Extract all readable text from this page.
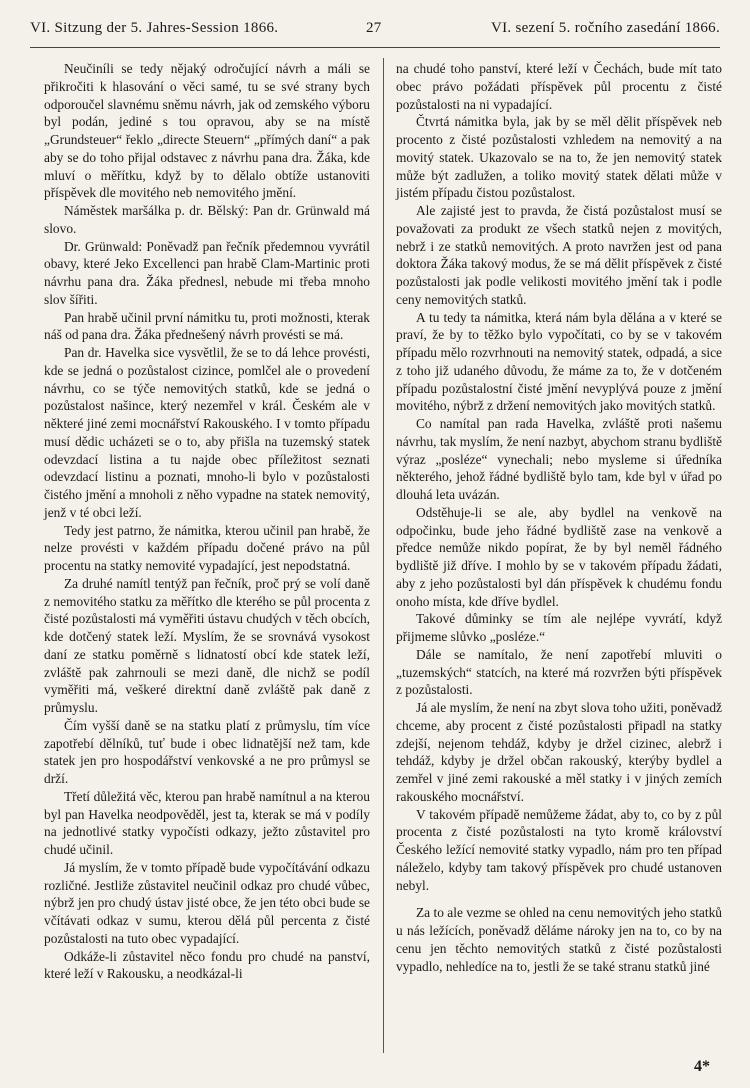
VI. Sitzung der 5. Jahres-Session 1866.	27	VI. sezení 5. ročního zasedání 1866.

Neučiníli se tedy nějaký odročující návrh a máli se přikročiti k hlasování o věci samé, tu se své strany bych odporoučel slavnému sněmu návrh, jak od zemského výboru byl podán, jediné s tou opravou, aby se na místě „Grundsteuer“ řeklo „directe Steuern“ „přímých daní“ a pak aby se do toho přijal odstavec z návrhu pana dra. Žáka, kde mluví o měřítku, když by to dělalo obtíže ustanoviti příspěvek dle movitého neb nemovitého jmění.

Náměstek maršálka p. dr. Bělský: Pan dr. Grünwald má slovo.

Dr. Grünwald: Poněvadž pan řečník předemnou vyvrátil obavy, které Jeko Excellenci pan hrabě Clam-Martinic proti návrhu pana dra. Žáka přednesl, nebude mi třeba mnoho slov šířiti.

Pan hrabě učinil první námitku tu, proti možnosti, kterak náš od pana dra. Žáka přednešený návrh provésti se má.

Pan dr. Havelka sice vysvětlil, že se to dá lehce provésti, kde se jedná o pozůstalost cizince, pomlčel ale o provedení návrhu, co se týče nemovitých statků, kde se jedná o pozůstalost našince, který nezemřel v král. Českém ale v některé jiné zemi mocnářství Rakouského. I v tomto případu musí dědic ucházeti se o to, aby přišla na tuzemský statek odevzdací listina a tu najde obec příležitost seznati odevzdací listinu a poznati, mnoho-li bylo v pozůstalosti čistého jmění a mnoholi z něho vypadne na statek nemovitý, jenž v té obci leží.

Tedy jest patrno, že námitka, kterou učinil pan hrabě, že nelze provésti v každém případu dočené právo na půl procentu na statky nemovité vypadající, jest nepodstatná.

Za druhé namítl tentýž pan řečník, proč prý se volí daně z nemovitého statku za měřítko dle kterého se půl procenta z čisté pozůstalosti má vyměřiti ústavu chudých v těch obcích, kde dotčený statek leží. Myslím, že se srovnává vysokost daní ze statku poměrně s lidnatostí obcí kde statek leží, zvláště pak zahrnouli se mezi daně, dle nichž se podíl vyměřiti má, veškeré direktní daně zvláště pak daně z průmyslu.

Čím vyšší daně se na statku platí z průmyslu, tím více zapotřebí dělníků, tuť bude i obec lidnatější než tam, kde statek jen pro hospodářství venkovské a ne pro průmysl se drží.

Třetí důležitá věc, kterou pan hrabě namítnul a na kterou byl pan Havelka neodpověděl, jest ta, kterak se má v podíly na jednotlivé statky vypočísti odkazy, ježto zůstavitel pro chudé učinil.

Já myslím, že v tomto případě bude vypočítávání odkazu rozličné. Jestliže zůstavitel neučinil odkaz pro chudé vůbec, nýbrž jen pro chudý ústav jisté obce, že jen této obci bude se včítávati odkaz v sumu, kterou dělá půl percenta z čisté pozůstalosti na tuto obec vypadající.

Odkáže-li zůstavitel něco fondu pro chudé na panství, které leží v Rakousku, a neodkázal-li

na chudé toho panství, které leží v Čechách, bude mít tato obec právo požádati příspěvek půl procentu z čisté pozůstalosti na ni vypadající.

Čtvrtá námitka byla, jak by se měl dělit příspěvek neb procento z čisté pozůstalosti vzhledem na nemovitý a na movitý statek. Ukazovalo se na to, že jen nemovitý statek může být zadlužen, a toliko movitý statek dělati může v jistém případu čistou pozůstalost.

Ale zajisté jest to pravda, že čistá pozůstalost musí se považovati za produkt ze všech statků nejen z movitých, nebrž i ze statků nemovitých. A proto navržen jest od pana doktora Žáka takový modus, že se má dělit příspěvek z čisté pozůstalosti jak podle velikosti movitého jmění tak i podle ceny nemovitých statků.

A tu tedy ta námitka, která nám byla dělána a v které se praví, že by to těžko bylo vypočítati, co by se v takovém případu mělo rozvrhnouti na nemovitý statek, odpadá, a sice z toho již udaného důvodu, že máme za to, že v dotčeném případu pozůstalostní čisté jmění nevyplývá pouze z jmění movitého, nýbrž z držení nemovitých jako movitých statků.

Co namítal pan rada Havelka, zvláště proti našemu návrhu, tak myslím, že není nazbyt, abychom stranu bydliště výraz „posléze“ vynechali; nebo mysleme si úředníka některého, jehož řádné bydliště bylo tam, kde byl v úřad po dlouhá leta uvázán.

Odstěhuje-li se ale, aby bydlel na venkově na odpočinku, bude jeho řádné bydliště zase na venkově a předce nemůže nikdo popírat, že by byl neměl řádného bydliště již dříve. I mohlo by se v takovém případu žádati, aby z jeho pozůstalosti byl dán příspěvek k chudému fondu onoho místa, kde dříve bydlel.

Takové důminky se tím ale nejlépe vyvrátí, když přijmeme slůvko „posléze.“

Dále se namítalo, že není zapotřebí mluviti o „tuzemských“ statcích, na které má rozvržen býti příspěvek z pozůstalosti.

Já ale myslím, že není na zbyt slova toho užiti, poněvadž chceme, aby procent z čisté pozůstalosti připadl na statky zdejší, nejenom tehdáž, kdyby je držel cizinec, alebrž i tehdáž, kdyby je držel občan rakouský, kterýby bydlel a zemřel v jiné zemi rakouské a měl statky i v jiných zemích rakouského mocnářství.

V takovém případě nemůžeme žádat, aby to, co by z půl procenta z čisté pozůstalosti na tyto kromě království Českého ležící nemovité statky vypadlo, nám pro ten případ náleželo, kdyby tam takový příspěvek pro chudé ustanoven nebyl.

Za to ale vezme se ohled na cenu nemovitých jeho statků u nás ležících, poněvadž děláme nároky jen na to, co by na cenu jen těchto nemovitých statků z čisté pozůstalosti vypadlo, nehledíce na to, jestli že se také stranu statků jiné

4*
